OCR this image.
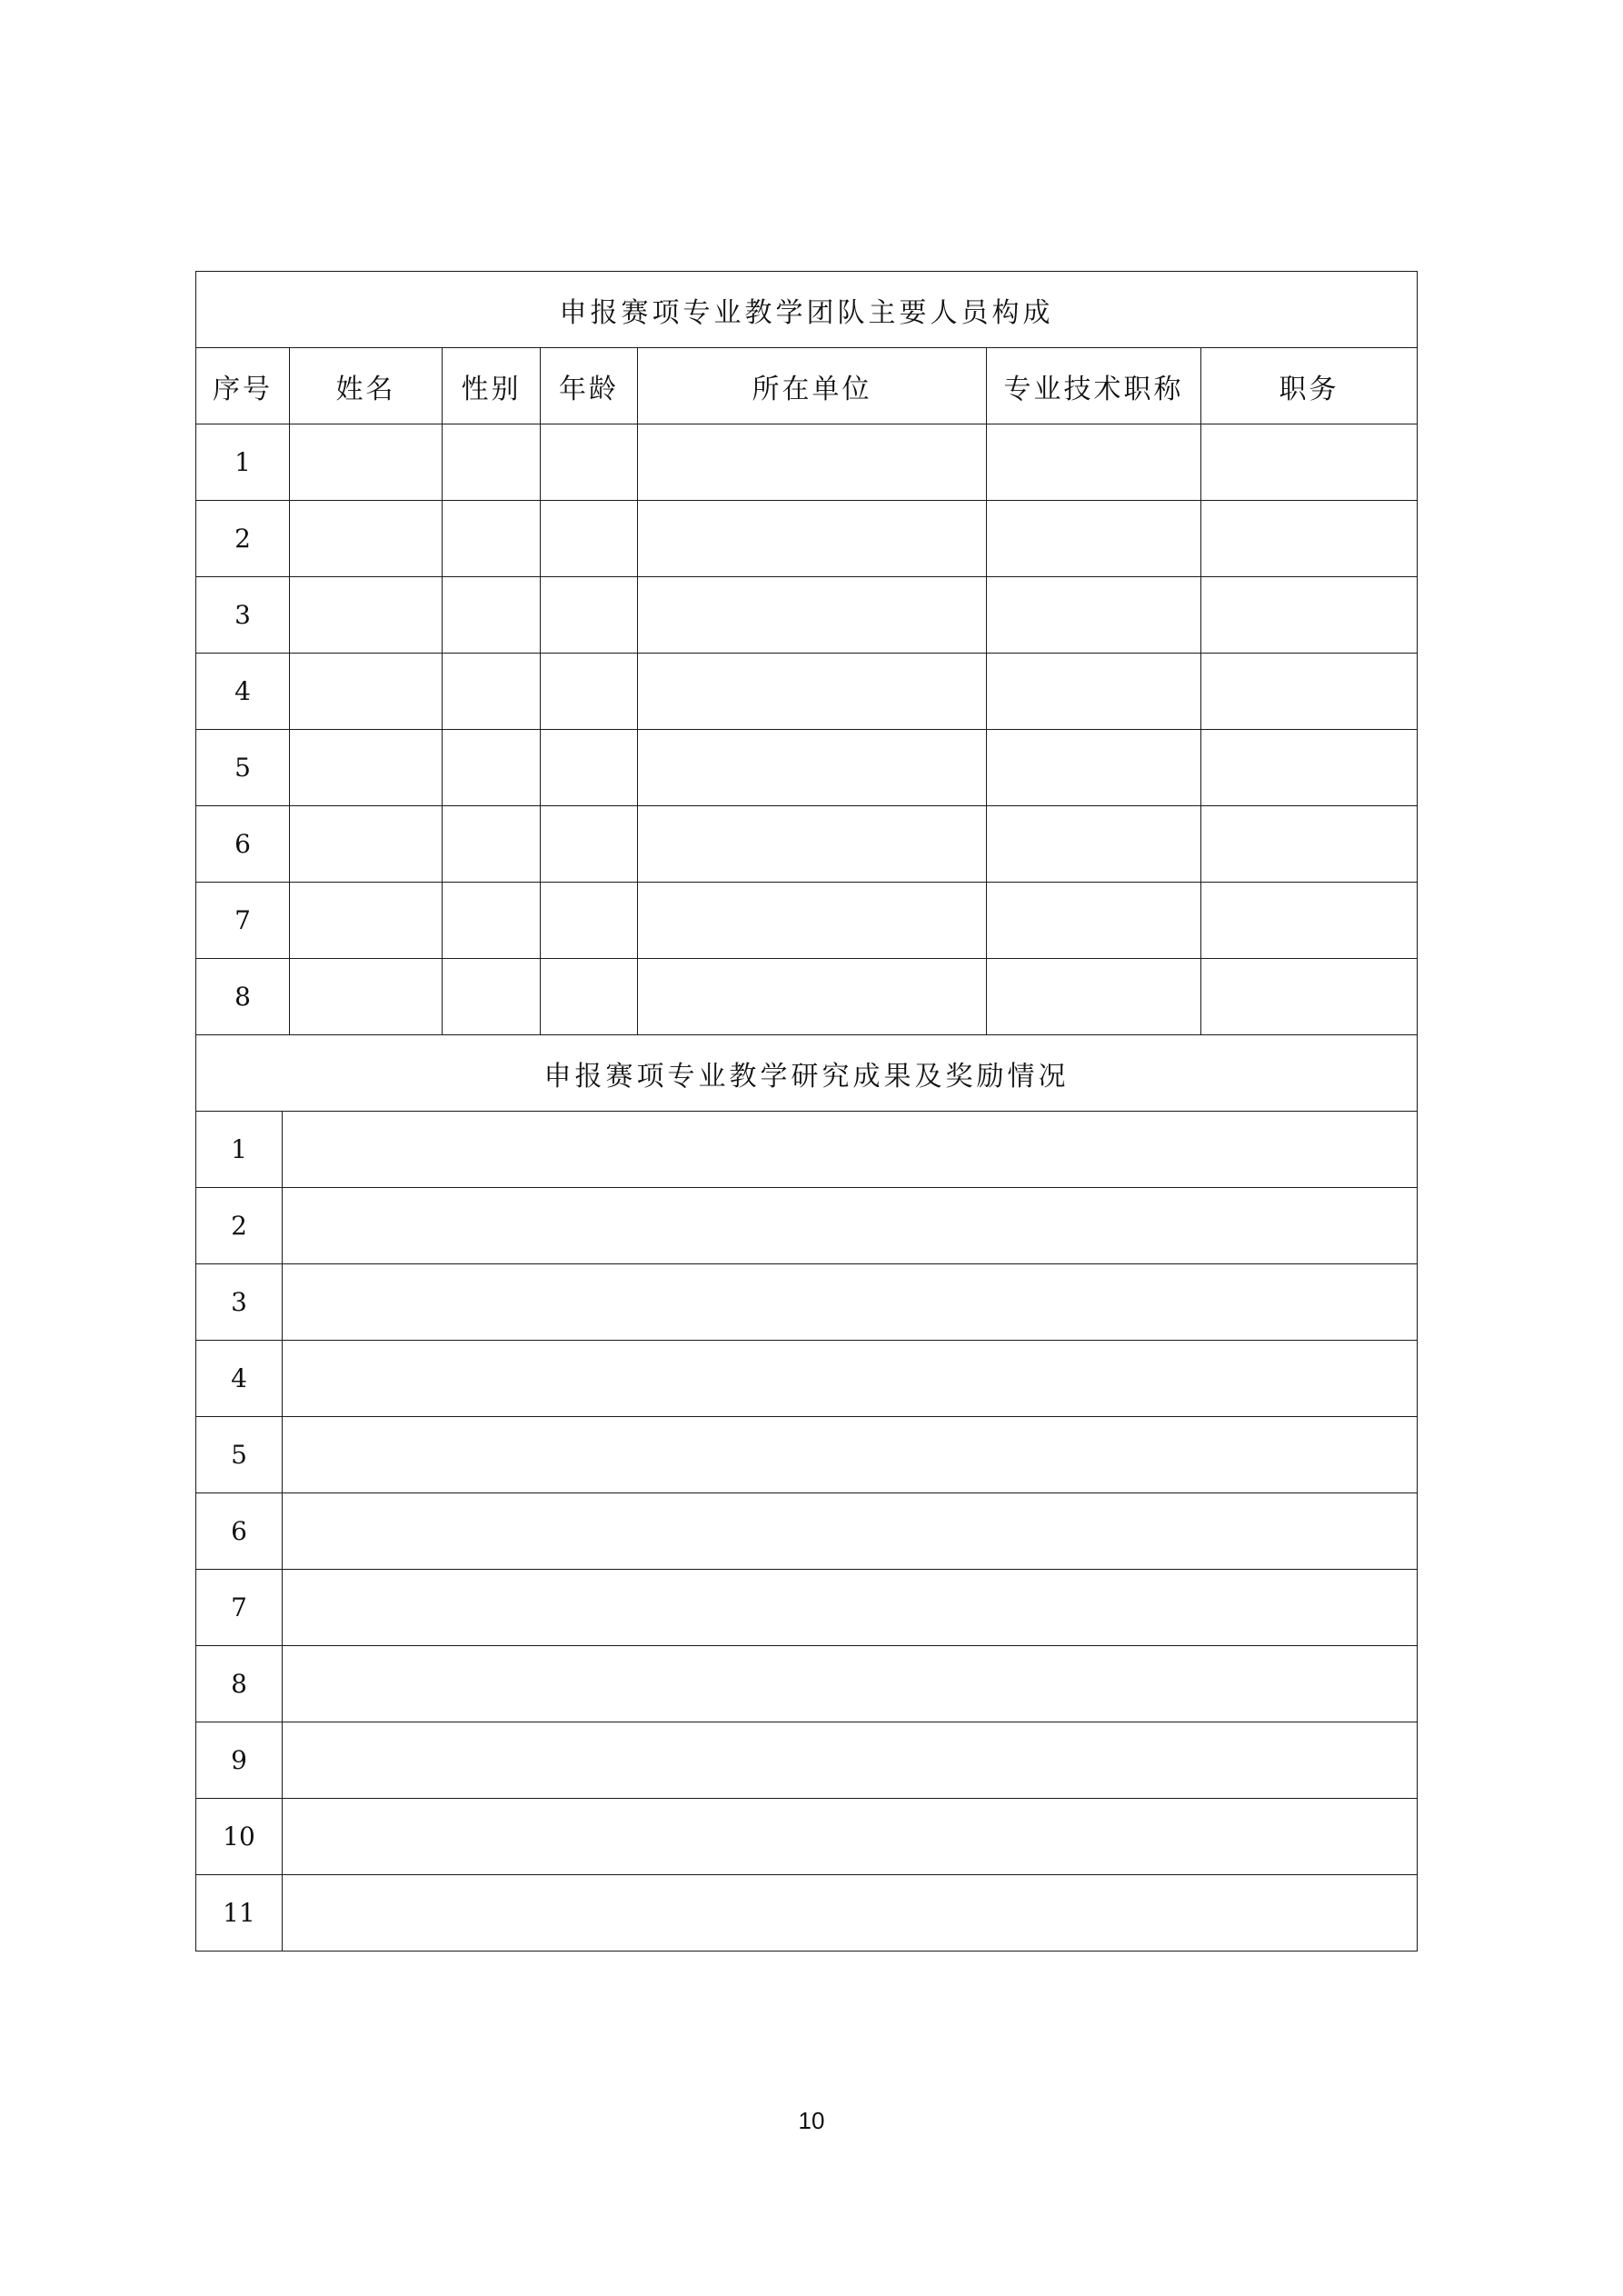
申报赛项专业教学团队主要人员构成							
序号		姓名	性别	年龄	所在单位	专业技术职称	职务
1							
2							
3							
4							
5							
6							
7							
8							
申报赛项专业教学研究成果及奖励情况							
1							
2							
3							
4							
5							
6							
7							
8							
9							
10							
11							
10
